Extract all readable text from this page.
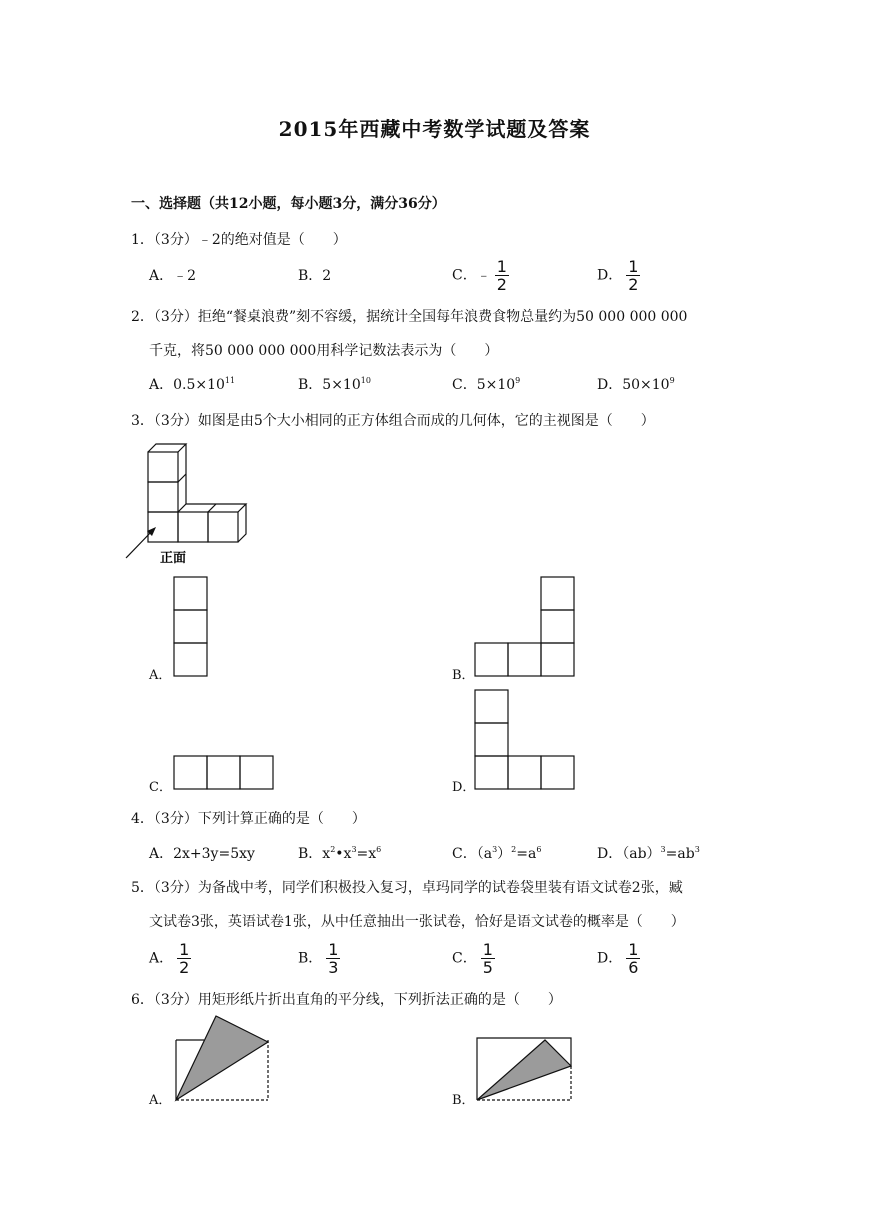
2015年西藏中考数学试题及答案
一、选择题（共12小题，每小题3分，满分36分）
1．（3分）﹣2的绝对值是（　　）
A．﹣2	B．2	C．﹣ $\frac{1}{2}$	D． $\frac{1}{2}$
2．（3分）拒绝“餐桌浪费”刻不容缓，据统计全国每年浪费食物总量约为50 000 000 000
千克，将50 000 000 000用科学记数法表示为（　　）
A．$0.5\times 10^{11}$	B．$5\times 10^{10}$	C．$5\times 10^9$	D．$50\times 10^9$
3．（3分）如图是由5个大小相同的正方体组合而成的几何体，它的主视图是（　　）
正面
A．	B．
C．	D．
4．（3分）下列计算正确的是（　　）
A．2x+3y=5xy	B．$x^2•x^3=x^6$	C．$(a^3)^2=a^6$	D．$(ab)^3=ab^3$
5．（3分）为备战中考，同学们积极投入复习，卓玛同学的试卷袋里装有语文试卷2张，臧
文试卷3张，英语试卷1张，从中任意抽出一张试卷，恰好是语文试卷的概率是（　　）
A． $\frac{1}{2}$	B． $\frac{1}{3}$	C． $\frac{1}{5}$	D． $\frac{1}{6}$
6．（3分）用矩形纸片折出直角的平分线，下列折法正确的是（　　）
A．	B．
